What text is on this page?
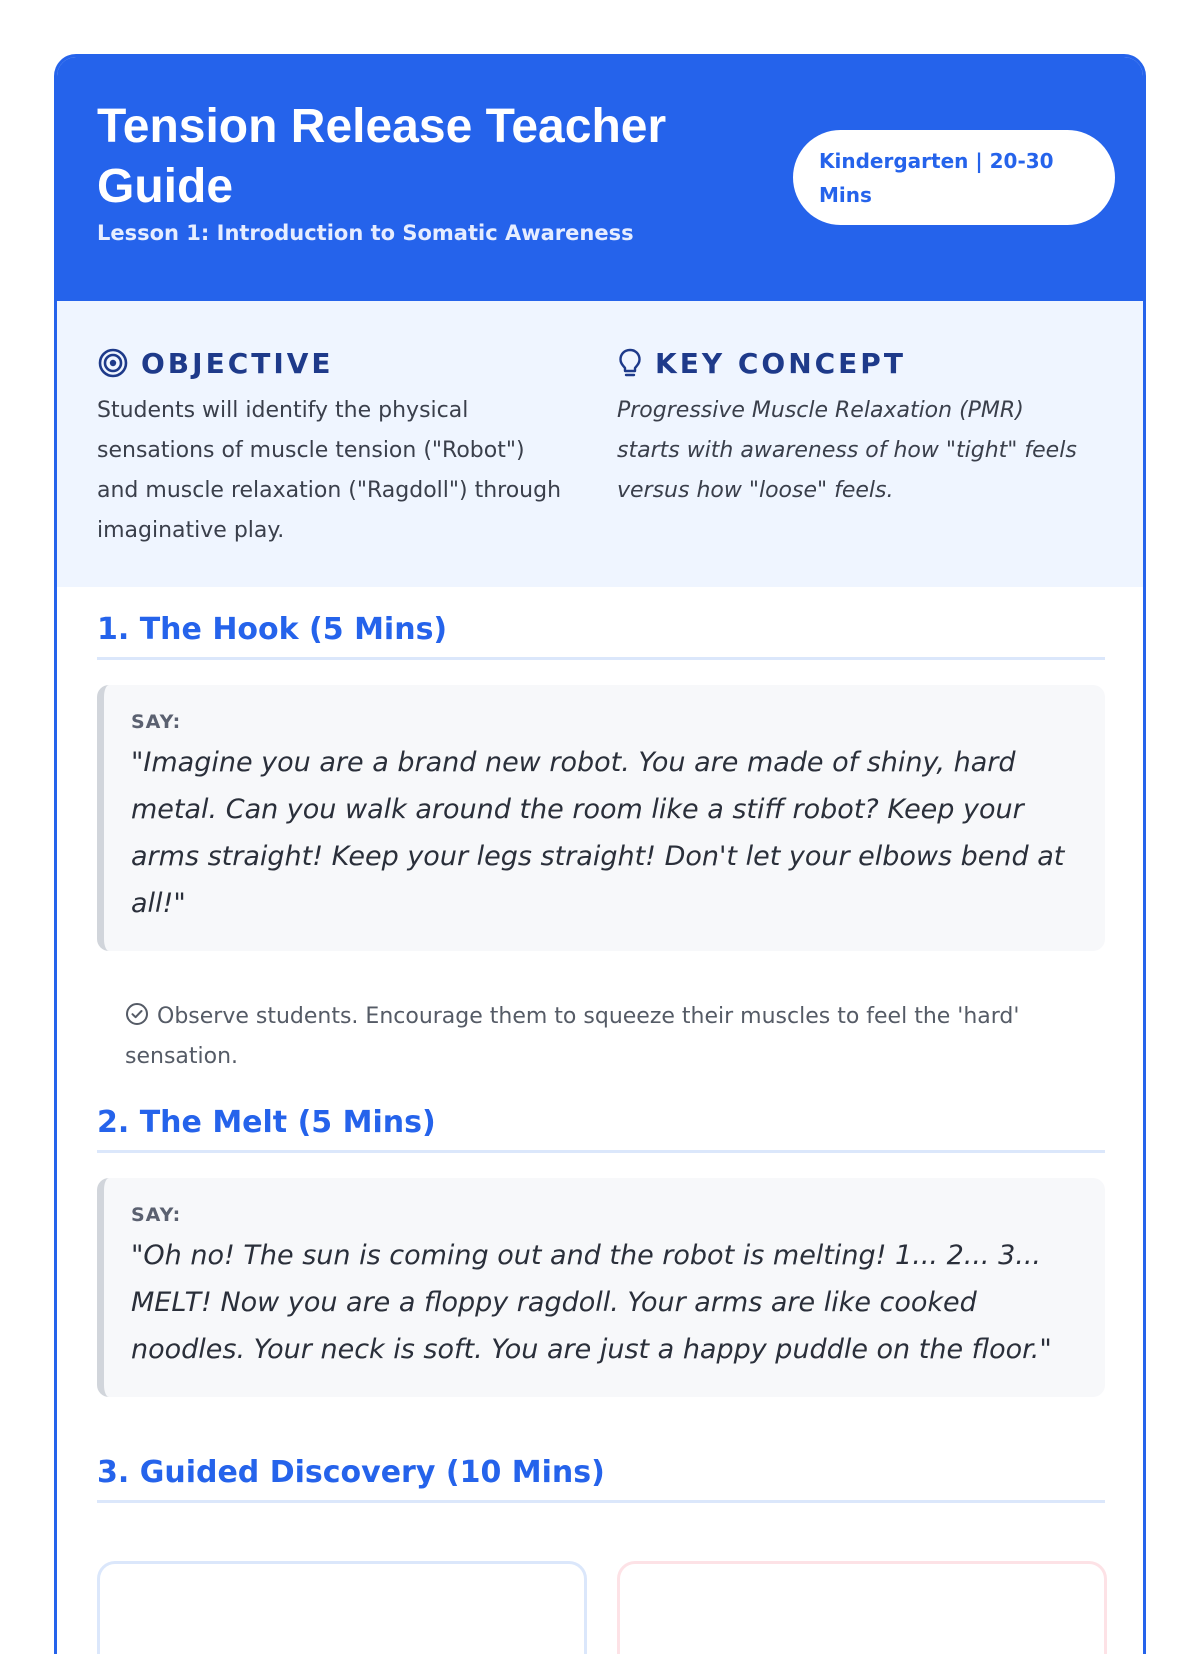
Tension Release Teacher Guide
Lesson 1: Introduction to Somatic Awareness
Kindergarten | 20-30 Mins
OBJECTIVE
Students will identify the physical sensations of muscle tension ("Robot") and muscle relaxation ("Ragdoll") through imaginative play.
KEY CONCEPT
Progressive Muscle Relaxation (PMR) starts with awareness of how "tight" feels versus how "loose" feels.
1. The Hook (5 Mins)
SAY:
"Imagine you are a brand new robot. You are made of shiny, hard metal. Can you walk around the room like a stiff robot? Keep your arms straight! Keep your legs straight! Don't let your elbows bend at all!"
Observe students. Encourage them to squeeze their muscles to feel the 'hard' sensation.
2. The Melt (5 Mins)
SAY:
"Oh no! The sun is coming out and the robot is melting! 1... 2... 3... MELT! Now you are a floppy ragdoll. Your arms are like cooked noodles. Your neck is soft. You are just a happy puddle on the floor."
3. Guided Discovery (10 Mins)
